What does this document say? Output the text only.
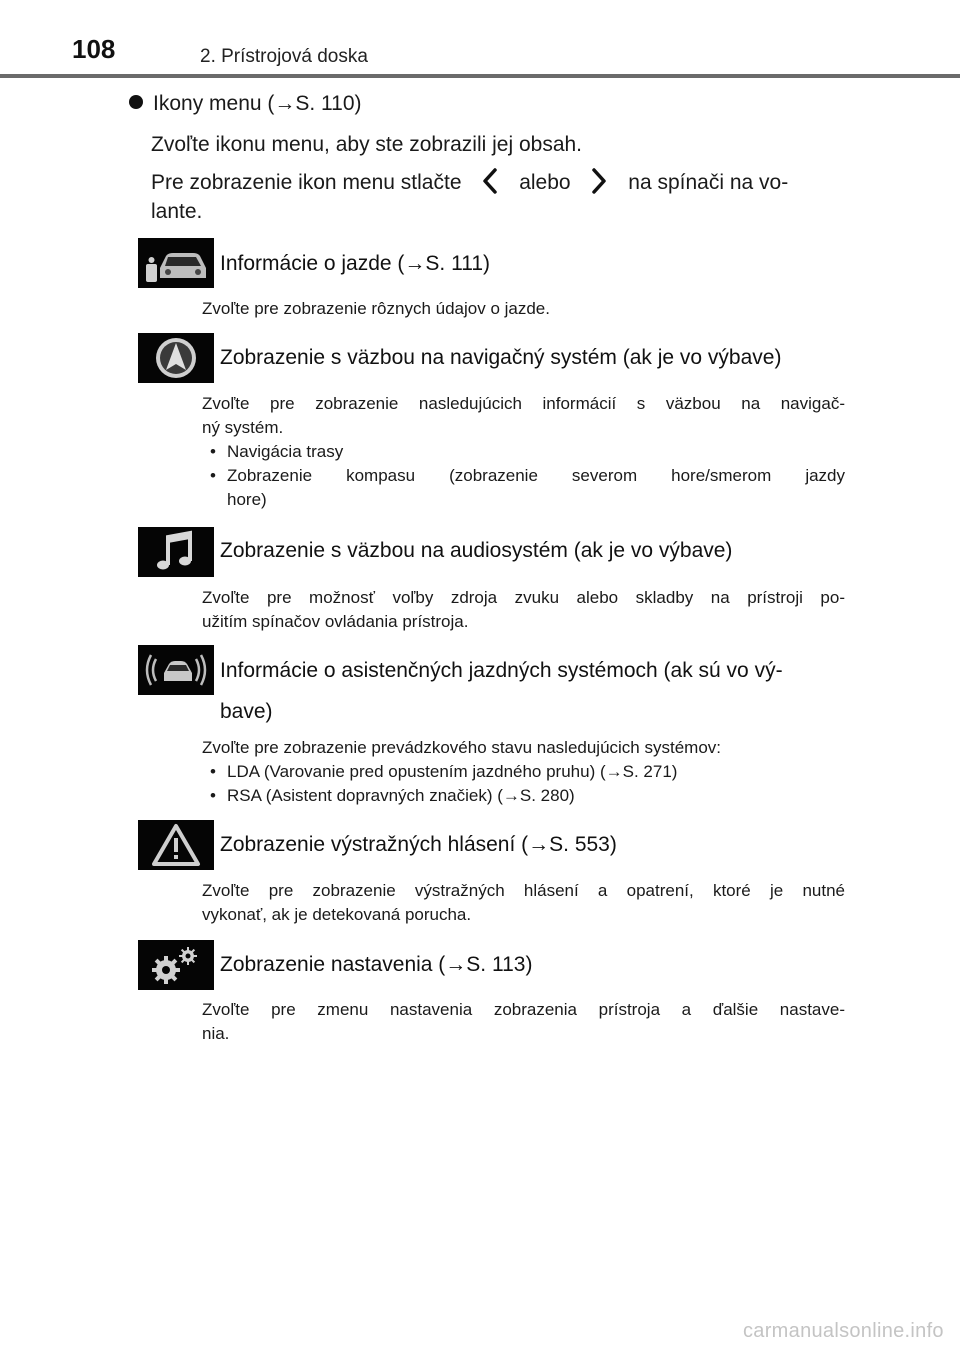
108	2. Prístrojová doska
Ikony menu (→S. 110)
Zvoľte ikonu menu, aby ste zobrazili jej obsah.
Pre zobrazenie ikon menu stlačte	alebo	na spínači na vo-
lante.
Informácie o jazde (→S. 111)
Zvoľte pre zobrazenie rôznych údajov o jazde.
Zobrazenie s väzbou na navigačný systém (ak je vo výbave)
Zvoľte pre zobrazenie nasledujúcich informácií s väzbou na navigač-
ný systém.
• Navigácia trasy
• Zobrazenie kompasu (zobrazenie severom hore/smerom jazdy
hore)
Zobrazenie s väzbou na audiosystém (ak je vo výbave)
Zvoľte pre možnosť voľby zdroja zvuku alebo skladby na prístroji po-
užitím spínačov ovládania prístroja.
Informácie o asistenčných jazdných systémoch (ak sú vo vý-
bave)
Zvoľte pre zobrazenie prevádzkového stavu nasledujúcich systémov:
• LDA (Varovanie pred opustením jazdného pruhu) (→S. 271)
• RSA (Asistent dopravných značiek) (→S. 280)
Zobrazenie výstražných hlásení (→S. 553)
Zvoľte pre zobrazenie výstražných hlásení a opatrení, ktoré je nutné
vykonať, ak je detekovaná porucha.
Zobrazenie nastavenia (→S. 113)
Zvoľte pre zmenu nastavenia zobrazenia prístroja a ďalšie nastave-
nia.
carmanualsonline.info
